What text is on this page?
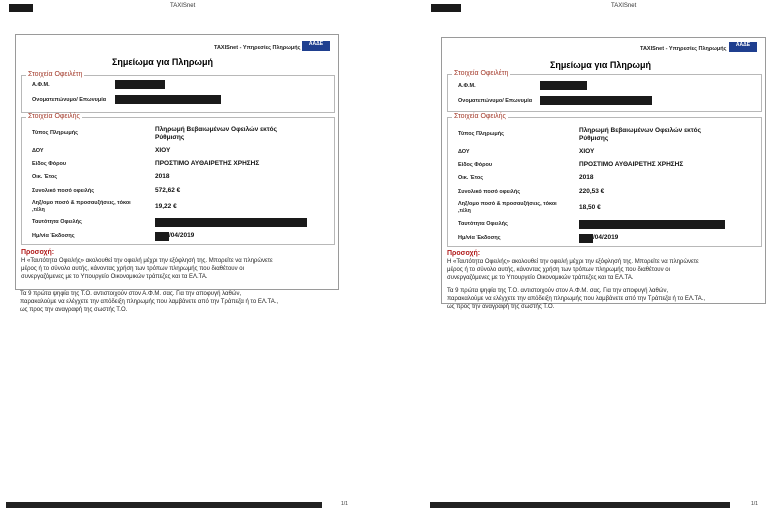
TAXISnet
TAXISnet - Υπηρεσίες Πληρωμής
ΑΑΔΕ
Σημείωμα για Πληρωμή
Στοιχεία Οφειλέτη
Α.Φ.Μ.
Ονοματεπώνυμο/ Επωνυμία
Στοιχεία Οφειλής
Τύπος Πληρωμής	Πληρωμή Βεβαιωμένων Οφειλών εκτός
Ρύθμισης
ΔΟΥ	ΧΙΟΥ
Είδος Φόρου	ΠΡΟΣΤΙΜΟ ΑΥΘΑΙΡΕΤΗΣ ΧΡΗΣΗΣ
Οικ. Έτος	2018
Συνολικό ποσό οφειλής	572,62 €
Ληξ/ομο ποσό & προσαυξήσεις, τόκοι
,τέλη	19,22 €
Ταυτότητα Οφειλής
Ημ/νία Έκδοσης	/04/2019
Προσοχή:
Η «Ταυτότητα Οφειλής» ακολουθεί την οφειλή μέχρι την εξόφλησή της. Μπορείτε να πληρώνετε
μέρος ή το σύνολο αυτής, κάνοντας χρήση των τρόπων πληρωμής που διαθέτουν οι
συνεργαζόμενες με το Υπουργείο Οικονομικών τράπεζες και τα ΕΛ.ΤΑ.
Τα 9 πρώτα ψηφία της Τ.Ο. αντιστοιχούν στον Α.Φ.Μ. σας. Για την αποφυγή λαθών,
παρακαλούμε να ελέγχετε την απόδειξη πληρωμής που λαμβάνετε από την Τράπεζα ή το ΕΛ.ΤΑ.,
ως προς την αναγραφή της σωστής Τ.Ο.
1/1
TAXISnet
TAXISnet - Υπηρεσίες Πληρωμής
ΑΑΔΕ
Σημείωμα για Πληρωμή
Στοιχεία Οφειλέτη
Α.Φ.Μ.
Ονοματεπώνυμο/ Επωνυμία
Στοιχεία Οφειλής
Τύπος Πληρωμής	Πληρωμή Βεβαιωμένων Οφειλών εκτός
Ρύθμισης
ΔΟΥ	ΧΙΟΥ
Είδος Φόρου	ΠΡΟΣΤΙΜΟ ΑΥΘΑΙΡΕΤΗΣ ΧΡΗΣΗΣ
Οικ. Έτος	2018
Συνολικό ποσό οφειλής	220,53 €
Ληξ/ομο ποσό & προσαυξήσεις, τόκοι
,τέλη	18,50 €
Ταυτότητα Οφειλής
Ημ/νία Έκδοσης	/04/2019
Προσοχή:
Η «Ταυτότητα Οφειλής» ακολουθεί την οφειλή μέχρι την εξόφλησή της. Μπορείτε να πληρώνετε
μέρος ή το σύνολο αυτής, κάνοντας χρήση των τρόπων πληρωμής που διαθέτουν οι
συνεργαζόμενες με το Υπουργείο Οικονομικών τράπεζες και τα ΕΛ.ΤΑ.
Τα 9 πρώτα ψηφία της Τ.Ο. αντιστοιχούν στον Α.Φ.Μ. σας. Για την αποφυγή λαθών,
παρακαλούμε να ελέγχετε την απόδειξη πληρωμής που λαμβάνετε από την Τράπεζα ή το ΕΛ.ΤΑ.,
ως προς την αναγραφή της σωστής Τ.Ο.
1/1
